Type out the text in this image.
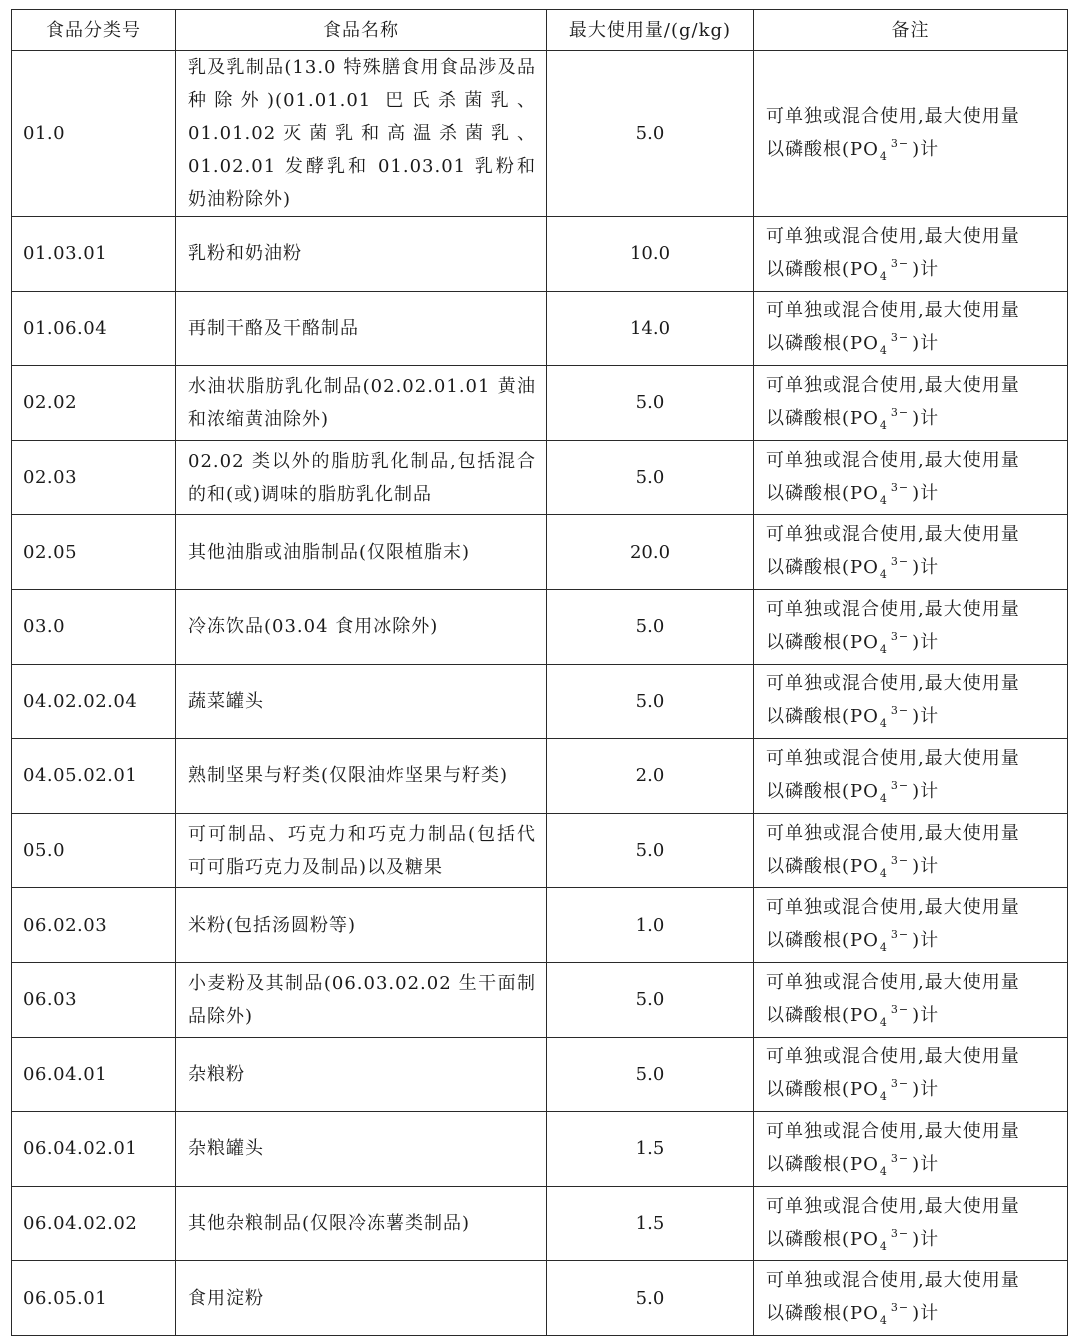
食品分类号	食品名称	最大使用量/(g/kg)	备注
01.0	乳及乳制品(13.0 特殊膳食用食品涉及品种除外)(01.01.01 巴氏杀菌乳、01.01.02灭菌乳和高温杀菌乳、01.02.01 发酵乳和 01.03.01 乳粉和奶油粉除外)	5.0	可单独或混合使用,最大使用量
以磷酸根($PO_4^{3-}$ )计

01.03.01	乳粉和奶油粉	10.0	可单独或混合使用,最大使用量
以磷酸根($PO_4^{3-}$ )计

01.06.04	再制干酪及干酪制品	14.0	可单独或混合使用,最大使用量
以磷酸根($PO_4^{3-}$ )计

02.02	水油状脂肪乳化制品(02.02.01.01 黄油和浓缩黄油除外)	5.0	可单独或混合使用,最大使用量
以磷酸根($PO_4^{3-}$ )计

02.03	02.02 类以外的脂肪乳化制品,包括混合的和(或)调味的脂肪乳化制品	5.0	可单独或混合使用,最大使用量
以磷酸根($PO_4^{3-}$ )计

02.05	其他油脂或油脂制品(仅限植脂末)	20.0	可单独或混合使用,最大使用量
以磷酸根($PO_4^{3-}$ )计

03.0	冷冻饮品(03.04 食用冰除外)	5.0	可单独或混合使用,最大使用量
以磷酸根($PO_4^{3-}$ )计

04.02.02.04	蔬菜罐头	5.0	可单独或混合使用,最大使用量
以磷酸根($PO_4^{3-}$ )计

04.05.02.01	熟制坚果与籽类(仅限油炸坚果与籽类)	2.0	可单独或混合使用,最大使用量
以磷酸根($PO_4^{3-}$ )计

05.0	可可制品、巧克力和巧克力制品(包括代可可脂巧克力及制品)以及糖果	5.0	可单独或混合使用,最大使用量
以磷酸根($PO_4^{3-}$ )计

06.02.03	米粉(包括汤圆粉等)	1.0	可单独或混合使用,最大使用量
以磷酸根($PO_4^{3-}$ )计

06.03	小麦粉及其制品(06.03.02.02 生干面制品除外)	5.0	可单独或混合使用,最大使用量
以磷酸根($PO_4^{3-}$ )计

06.04.01	杂粮粉	5.0	可单独或混合使用,最大使用量
以磷酸根($PO_4^{3-}$ )计

06.04.02.01	杂粮罐头	1.5	可单独或混合使用,最大使用量
以磷酸根($PO_4^{3-}$ )计

06.04.02.02	其他杂粮制品(仅限冷冻薯类制品)	1.5	可单独或混合使用,最大使用量
以磷酸根($PO_4^{3-}$ )计

06.05.01	食用淀粉	5.0	可单独或混合使用,最大使用量
以磷酸根($PO_4^{3-}$ )计
